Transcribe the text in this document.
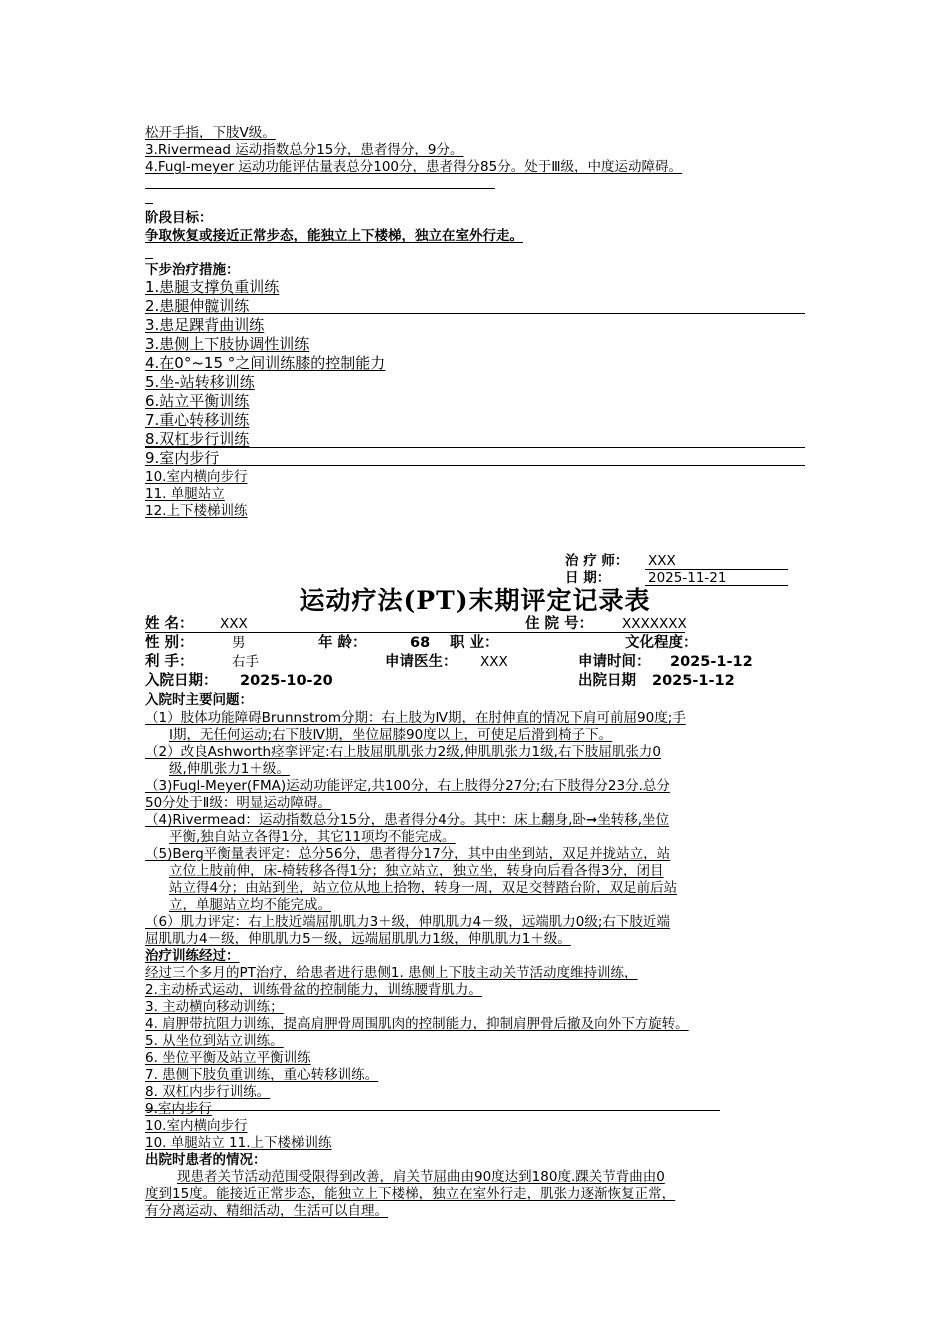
松开手指，下肢Ⅴ级。
3.Rivermead 运动指数总分15分，患者得分，9分。
4.Fugl-meyer 运动功能评估量表总分100分，患者得分85分。处于Ⅲ级，中度运动障碍。
阶段目标：
争取恢复或接近正常步态，能独立上下楼梯，独立在室外行走。
下步治疗措施：
1.患腿支撑负重训练
2.患腿伸髋训练
3.患足踝背曲训练
3.患侧上下肢协调性训练
4.在0°~15 °之间训练膝的控制能力
5.坐-站转移训练
6.站立平衡训练
7.重心转移训练
8.双杠步行训练
9.室内步行
10.室内横向步行
11. 单腿站立
12.上下楼梯训练
治 疗 师： XXX
日 期：	2025-11-21
运动疗法(PT)末期评定记录表
姓 名： XXX	住 院 号： XXXXXXX
性 别：	男	年 龄：	68 职 业：	文化程度：
利 手：	右手	申请医生： XXX	申请时间： 2025-1-12
入院日期： 2025-10-20	出院日期 2025-1-12
入院时主要问题：
（1）肢体功能障碍Brunnstrom分期：右上肢为Ⅳ期，在肘伸直的情况下肩可前屈90度;手
Ⅰ期，无任何运动;右下肢Ⅳ期，坐位屈膝90度以上，可使足后滑到椅子下。
（2）改良Ashworth痉挛评定:右上肢屈肌肌张力2级,伸肌肌张力1级,右下肢屈肌张力0
级,伸肌张力1＋级。
（3)Fugl-Meyer(FMA)运动功能评定,共100分，右上肢得分27分;右下肢得分23分.总分
50分处于Ⅱ级：明显运动障碍。
（4)Rivermead：运动指数总分15分，患者得分4分。其中：床上翻身,卧➞坐转移,坐位
平衡,独自站立各得1分，其它11项均不能完成。
（5)Berg平衡量表评定：总分56分，患者得分17分，其中由坐到站，双足并拢站立，站
立位上肢前伸，床-椅转移各得1分；独立站立，独立坐，转身向后看各得3分，闭目
站立得4分；由站到坐，站立位从地上拾物，转身一周，双足交替踏台阶，双足前后站
立，单腿站立均不能完成。
（6）肌力评定：右上肢近端屈肌肌力3＋级，伸肌肌力4－级，远端肌力0级;右下肢近端
屈肌肌力4－级，伸肌肌力5－级，远端屈肌肌力1级，伸肌肌力1＋级。
治疗训练经过：
经过三个多月的PT治疗，给患者进行患侧1. 患侧上下肢主动关节活动度维持训练，
2.主动桥式运动，训练骨盆的控制能力，训练腰背肌力。
3. 主动横向移动训练；
4. 肩胛带抗阻力训练，提高肩胛骨周围肌肉的控制能力，抑制肩胛骨后撤及向外下方旋转。
5. 从坐位到站立训练。
6. 坐位平衡及站立平衡训练
7. 患侧下肢负重训练，重心转移训练。
8. 双杠内步行训练。
9.室内步行
10.室内横向步行
10. 单腿站立 11.上下楼梯训练
出院时患者的情况：
现患者关节活动范围受限得到改善，肩关节屈曲由90度达到180度.踝关节背曲由0
度到15度。能接近正常步态，能独立上下楼梯，独立在室外行走，肌张力逐渐恢复正常，
有分离运动、精细活动，生活可以自理。
